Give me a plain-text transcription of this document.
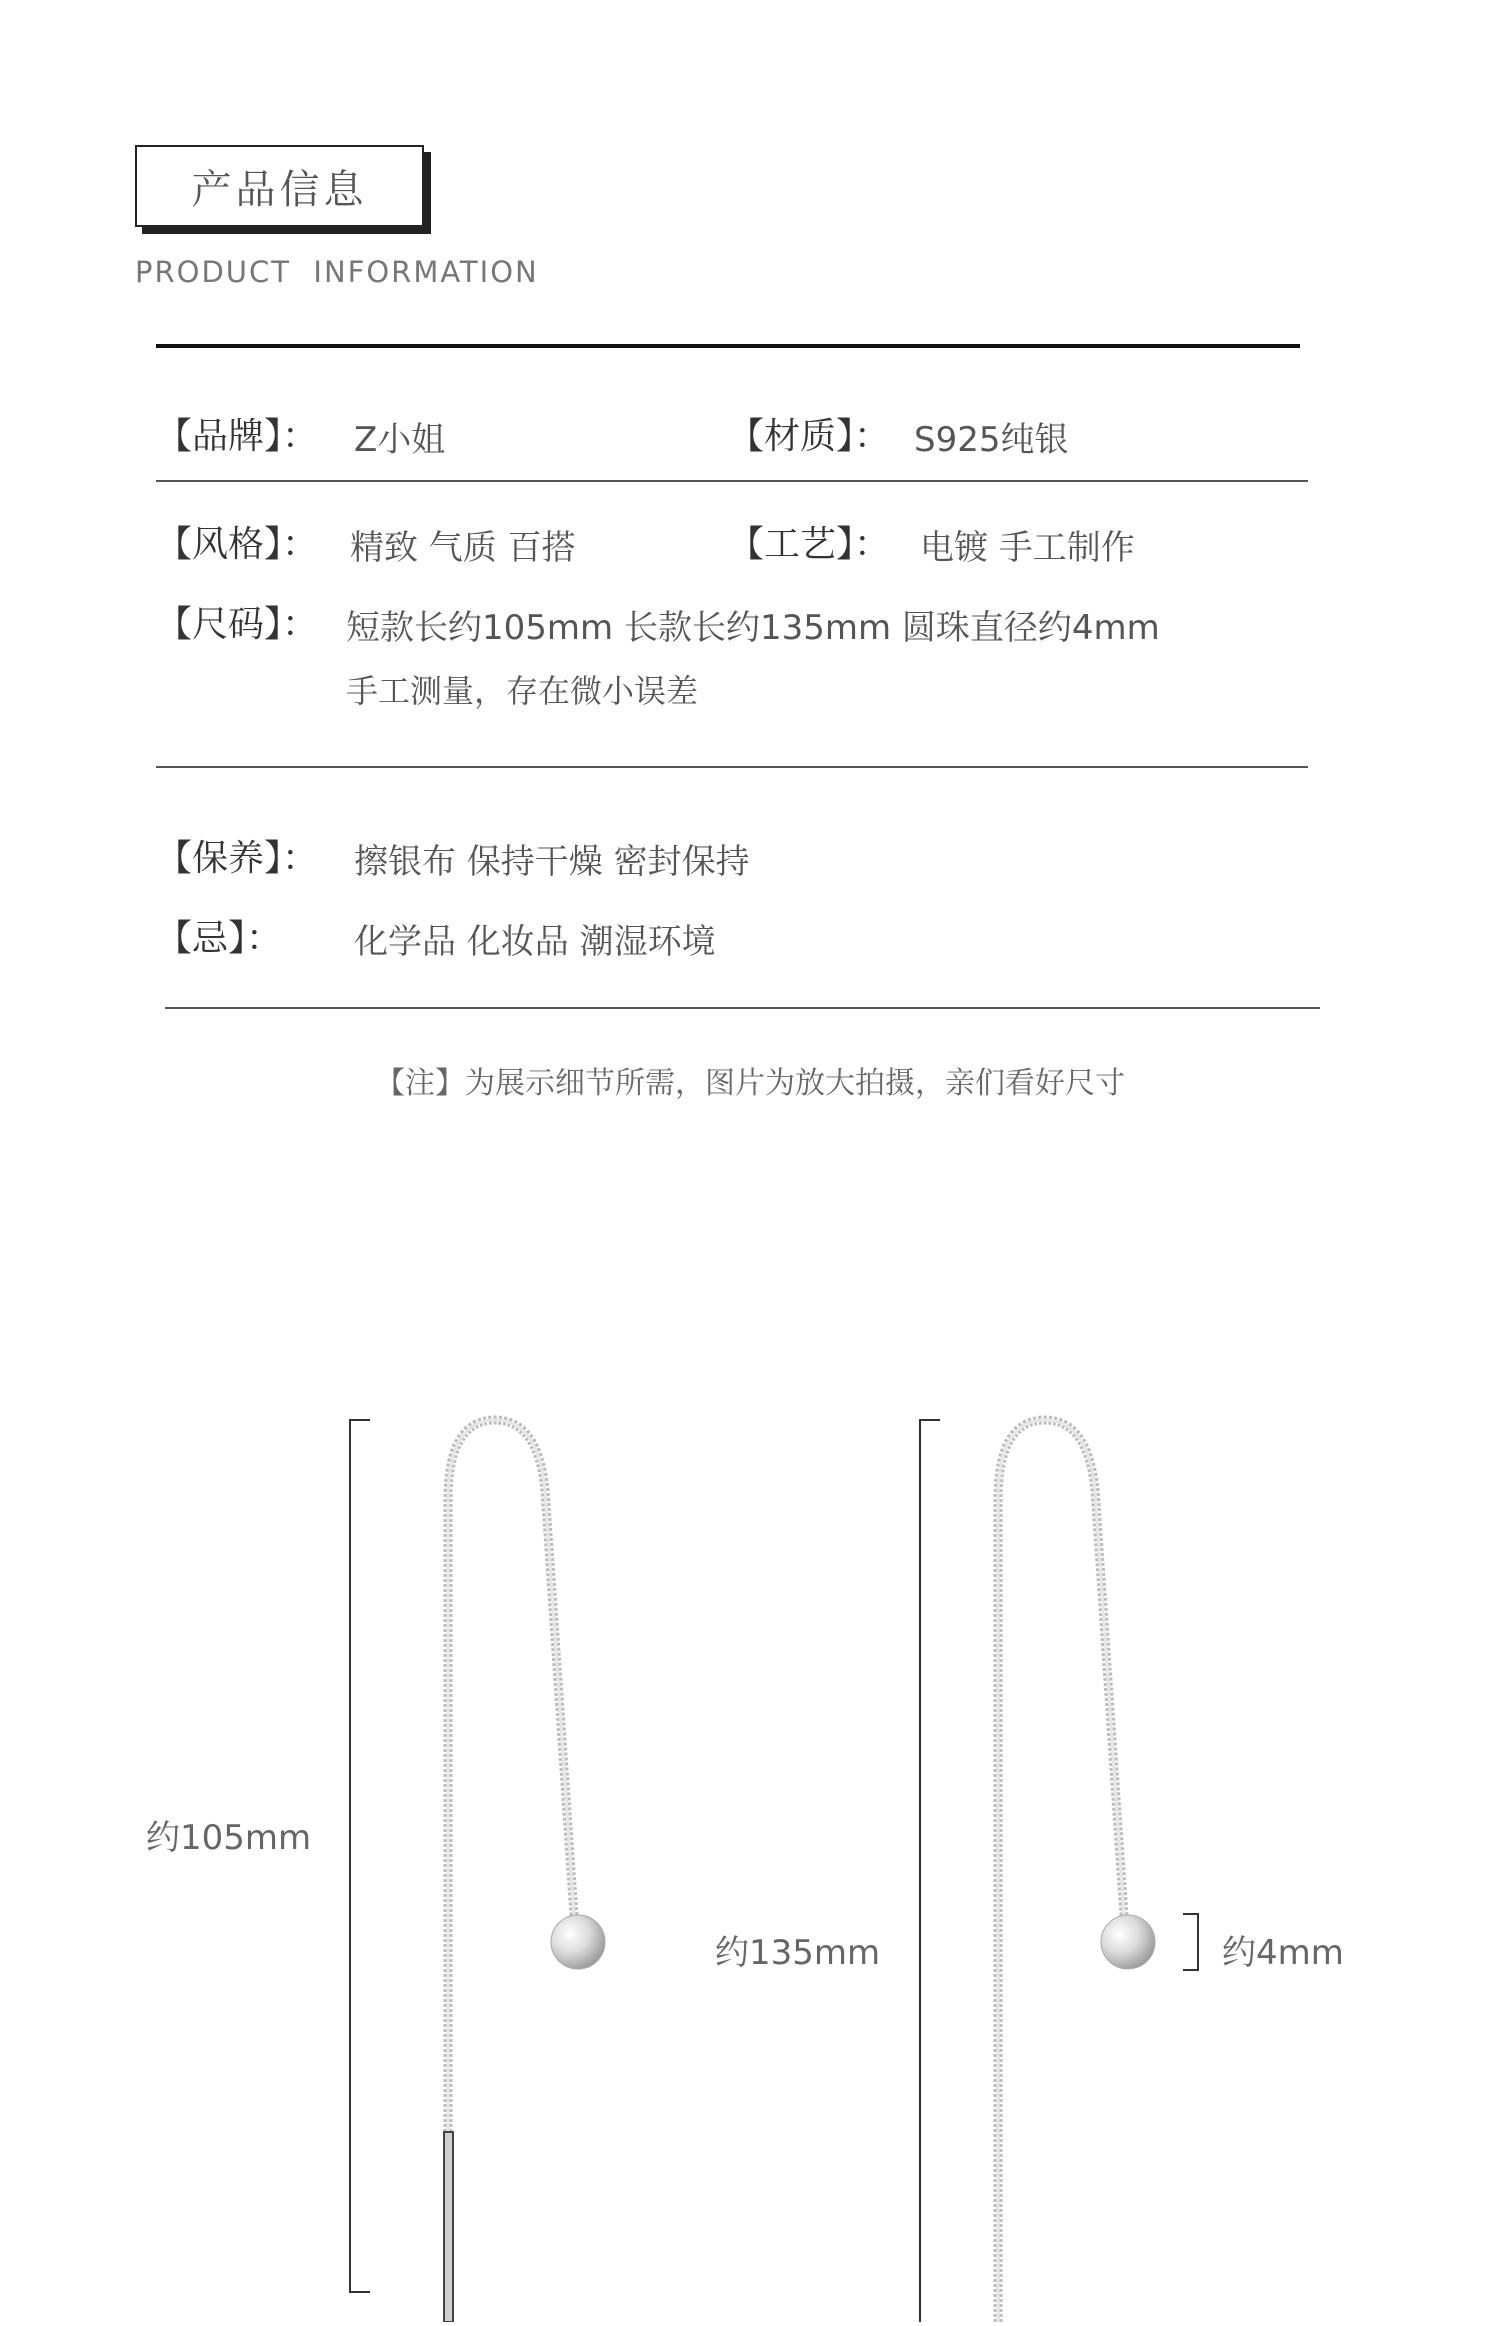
产品信息
PRODUCT  INFORMATION
【品牌】： Z小姐	【材质】： S925纯银
【风格】： 精致 气质 百搭	【工艺】： 电镀 手工制作
【尺码】： 短款长约105mm 长款长约135mm 圆珠直径约4mm
手工测量，存在微小误差
【保养】： 擦银布 保持干燥 密封保持
【忌】： 化学品 化妆品 潮湿环境
【注】为展示细节所需，图片为放大拍摄，亲们看好尺寸
约105mm
约135mm	约4mm
